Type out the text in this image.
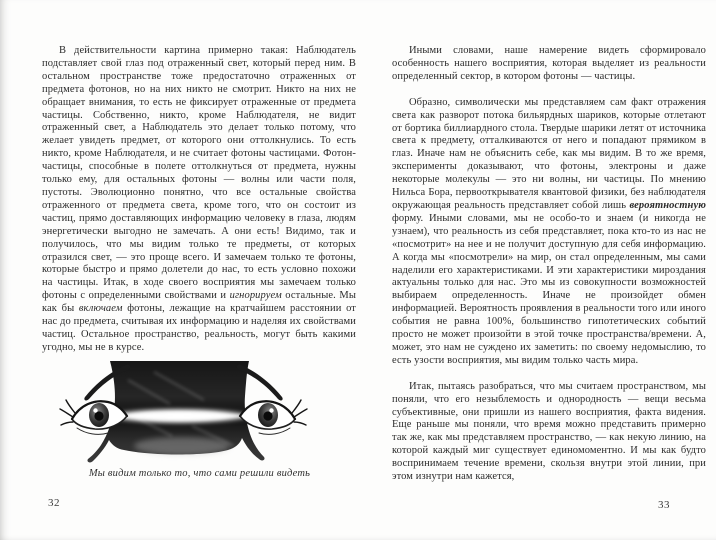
В действительности картина примерно такая: Наблюдатель подставляет свой глаз под отраженный свет, который перед ним. В остальном пространстве тоже предостаточно отраженных от предмета фотонов, но на них никто не смотрит. Никто на них не обращает внимания, то есть не фиксирует отраженные от предмета частицы. Собственно, никто, кроме Наблюдателя, не видит отраженный свет, а Наблюдатель это делает только потому, что желает увидеть предмет, от которого они оттолкнулись. То есть никто, кроме Наблюдателя, и не считает фотоны частицами. Фотон-частицы, способные в полете оттолкнуться от предмета, нужны только ему, для остальных фотоны — волны или части поля, пустоты. Эволюционно понятно, что все остальные свойства отраженного от предмета света, кроме того, что он состоит из частиц, прямо доставляющих информацию человеку в глаза, людям энергетически выгодно не замечать. А они есть! Видимо, так и получилось, что мы видим только те предметы, от которых отразился свет, — это проще всего. И замечаем только те фотоны, которые быстро и прямо долетели до нас, то есть условно похожи на частицы. Итак, в ходе своего восприятия мы замечаем только фотоны с определенными свойствами и игнорируем остальные. Мы как бы включаем фотоны, лежащие на кратчайшем расстоянии от нас до предмета, считывая их информацию и наделяя их свойствами частиц. Остальное пространство, реальность, могут быть какими угодно, мы не в курсе.

Мы видим только то, что сами решили видеть
32

Иными словами, наше намерение видеть сформировало особенность нашего восприятия, которая выделяет из реальности определенный сектор, в котором фотоны — частицы.

Образно, символически мы представляем сам факт отражения света как разворот потока бильярдных шариков, которые отлетают от бортика биллиардного стола. Твердые шарики летят от источника света к предмету, отталкиваются от него и попадают прямиком в глаз. Иначе нам не объяснить себе, как мы видим. В то же время, эксперименты доказывают, что фотоны, электроны и даже некоторые молекулы — это ни волны, ни частицы. По мнению Нильса Бора, первооткрывателя квантовой физики, без наблюдателя окружающая реальность представляет собой лишь вероятностную форму. Иными словами, мы не особо-то и знаем (и никогда не узнаем), что реальность из себя представляет, пока кто-то из нас не «посмотрит» на нее и не получит доступную для себя информацию. А когда мы «посмотрели» на мир, он стал определенным, мы сами наделили его характеристиками. И эти характеристики мироздания актуальны только для нас. Это мы из совокупности возможностей выбираем определенность. Иначе не произойдет обмен информацией. Вероятность проявления в реальности того или иного события не равна 100%, большинство гипотетических событий просто не может произойти в этой точке пространства/времени. А, может, это нам не суждено их заметить: по своему недомыслию, то есть узости восприятия, мы видим только часть мира.

Итак, пытаясь разобраться, что мы считаем пространством, мы поняли, что его незыблемость и однородность — вещи весьма субъективные, они пришли из нашего восприятия, факта видения. Еще раньше мы поняли, что время можно представить примерно так же, как мы представляем пространство, — как некую линию, на которой каждый миг существует единомоментно. И мы как будто воспринимаем течение времени, скользя внутри этой линии, при этом изнутри нам кажется,

33
